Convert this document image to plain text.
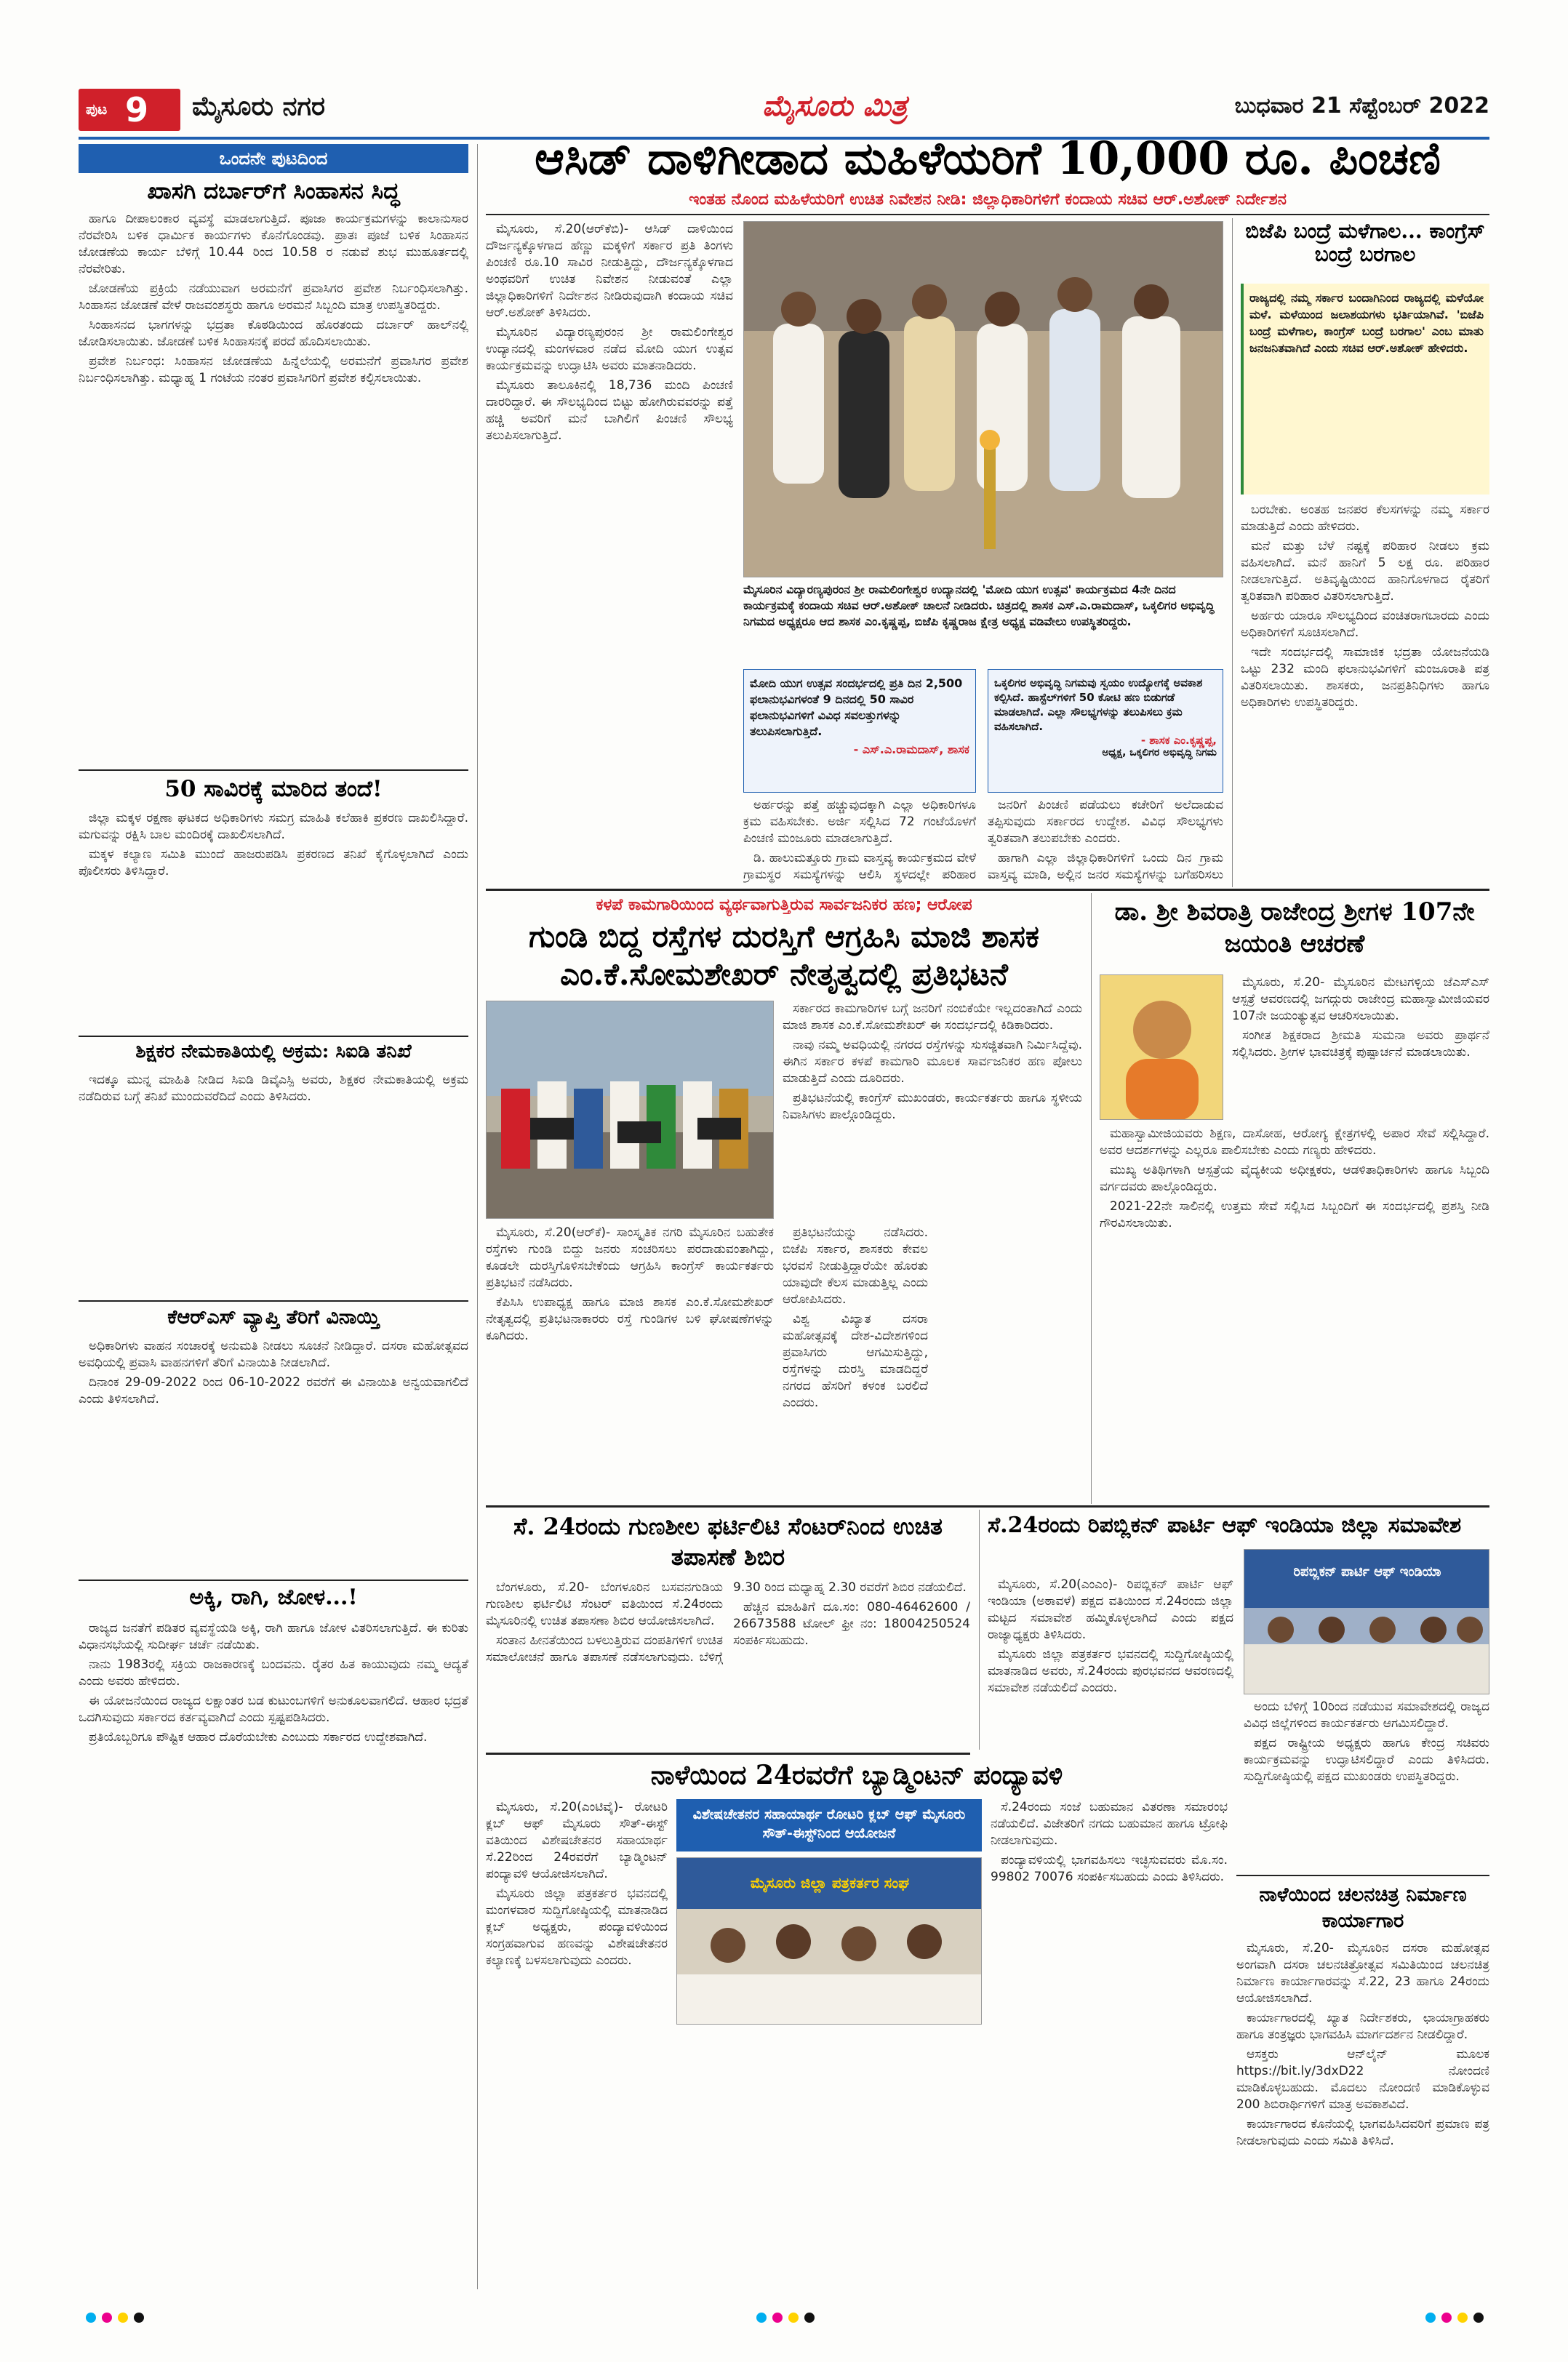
ಪುಟ 9 ಮೈಸೂರು ನಗರ	ಮೈಸೂರು ಮಿತ್ರ	ಬುಧವಾರ 21 ಸೆಪ್ಟೆಂಬರ್ 2022
ಒಂದನೇ ಪುಟದಿಂದ
ಖಾಸಗಿ ದರ್ಬಾರ್‌ಗೆ ಸಿಂಹಾಸನ ಸಿದ್ಧ

ಹಾಗೂ ದೀಪಾಲಂಕಾರ ವ್ಯವಸ್ಥೆ ಮಾಡಲಾಗುತ್ತಿದೆ. ಪೂಜಾ ಕಾರ್ಯಕ್ರಮಗಳನ್ನು ಕಾಲಾನುಸಾರ ನೆರವೇರಿಸಿ ಬಳಿಕ ಧಾರ್ಮಿಕ ಕಾರ್ಯಗಳು ಕೊನೆಗೊಂಡವು. ಪ್ರಾತಃ ಪೂಜೆ ಬಳಿಕ ಸಿಂಹಾಸನ ಜೋಡಣೆಯ ಕಾರ್ಯ ಬೆಳಿಗ್ಗೆ 10.44 ರಿಂದ 10.58 ರ ನಡುವೆ ಶುಭ ಮುಹೂರ್ತದಲ್ಲಿ ನೆರವೇರಿತು.

ಜೋಡಣೆಯ ಪ್ರಕ್ರಿಯೆ ನಡೆಯುವಾಗ ಅರಮನೆಗೆ ಪ್ರವಾಸಿಗರ ಪ್ರವೇಶ ನಿರ್ಬಂಧಿಸಲಾಗಿತ್ತು. ಸಿಂಹಾಸನ ಜೋಡಣೆ ವೇಳೆ ರಾಜವಂಶಸ್ಥರು ಹಾಗೂ ಅರಮನೆ ಸಿಬ್ಬಂದಿ ಮಾತ್ರ ಉಪಸ್ಥಿತರಿದ್ದರು.

ಸಿಂಹಾಸನದ ಭಾಗಗಳನ್ನು ಭದ್ರತಾ ಕೊಠಡಿಯಿಂದ ಹೊರತಂದು ದರ್ಬಾರ್ ಹಾಲ್‌ನಲ್ಲಿ ಜೋಡಿಸಲಾಯಿತು. ಜೋಡಣೆ ಬಳಿಕ ಸಿಂಹಾಸನಕ್ಕೆ ಪರದೆ ಹೊದಿಸಲಾಯಿತು.

ಪ್ರವೇಶ ನಿರ್ಬಂಧ: ಸಿಂಹಾಸನ ಜೋಡಣೆಯ ಹಿನ್ನೆಲೆಯಲ್ಲಿ ಅರಮನೆಗೆ ಪ್ರವಾಸಿಗರ ಪ್ರವೇಶ ನಿರ್ಬಂಧಿಸಲಾಗಿತ್ತು. ಮಧ್ಯಾಹ್ನ 1 ಗಂಟೆಯ ನಂತರ ಪ್ರವಾಸಿಗರಿಗೆ ಪ್ರವೇಶ ಕಲ್ಪಿಸಲಾಯಿತು.

50 ಸಾವಿರಕ್ಕೆ ಮಾರಿದ ತಂದೆ!

ಜಿಲ್ಲಾ ಮಕ್ಕಳ ರಕ್ಷಣಾ ಘಟಕದ ಅಧಿಕಾರಿಗಳು ಸಮಗ್ರ ಮಾಹಿತಿ ಕಲೆಹಾಕಿ ಪ್ರಕರಣ ದಾಖಲಿಸಿದ್ದಾರೆ. ಮಗುವನ್ನು ರಕ್ಷಿಸಿ ಬಾಲ ಮಂದಿರಕ್ಕೆ ದಾಖಲಿಸಲಾಗಿದೆ.

ಮಕ್ಕಳ ಕಲ್ಯಾಣ ಸಮಿತಿ ಮುಂದೆ ಹಾಜರುಪಡಿಸಿ ಪ್ರಕರಣದ ತನಿಖೆ ಕೈಗೊಳ್ಳಲಾಗಿದೆ ಎಂದು ಪೊಲೀಸರು ತಿಳಿಸಿದ್ದಾರೆ.

ಶಿಕ್ಷಕರ ನೇಮಕಾತಿಯಲ್ಲಿ ಅಕ್ರಮ: ಸಿಐಡಿ ತನಿಖೆ

ಇದಕ್ಕೂ ಮುನ್ನ ಮಾಹಿತಿ ನೀಡಿದ ಸಿಐಡಿ ಡಿವೈಎಸ್ಪಿ ಅವರು, ಶಿಕ್ಷಕರ ನೇಮಕಾತಿಯಲ್ಲಿ ಅಕ್ರಮ ನಡೆದಿರುವ ಬಗ್ಗೆ ತನಿಖೆ ಮುಂದುವರೆದಿದೆ ಎಂದು ತಿಳಿಸಿದರು.

ಕೆಆರ್‌ಎಸ್ ವ್ಯಾಪ್ತಿ ತೆರಿಗೆ ವಿನಾಯ್ತಿ

ಅಧಿಕಾರಿಗಳು ವಾಹನ ಸಂಚಾರಕ್ಕೆ ಅನುಮತಿ ನೀಡಲು ಸೂಚನೆ ನೀಡಿದ್ದಾರೆ. ದಸರಾ ಮಹೋತ್ಸವದ ಅವಧಿಯಲ್ಲಿ ಪ್ರವಾಸಿ ವಾಹನಗಳಿಗೆ ತೆರಿಗೆ ವಿನಾಯಿತಿ ನೀಡಲಾಗಿದೆ.

ದಿನಾಂಕ 29-09-2022 ರಿಂದ 06-10-2022 ರವರೆಗೆ ಈ ವಿನಾಯಿತಿ ಅನ್ವಯವಾಗಲಿದೆ ಎಂದು ತಿಳಿಸಲಾಗಿದೆ.

ಅಕ್ಕಿ, ರಾಗಿ, ಜೋಳ...!

ರಾಜ್ಯದ ಜನತೆಗೆ ಪಡಿತರ ವ್ಯವಸ್ಥೆಯಡಿ ಅಕ್ಕಿ, ರಾಗಿ ಹಾಗೂ ಜೋಳ ವಿತರಿಸಲಾಗುತ್ತಿದೆ. ಈ ಕುರಿತು ವಿಧಾನಸಭೆಯಲ್ಲಿ ಸುದೀರ್ಘ ಚರ್ಚೆ ನಡೆಯಿತು.

ನಾನು 1983ರಲ್ಲಿ ಸಕ್ರಿಯ ರಾಜಕಾರಣಕ್ಕೆ ಬಂದವನು. ರೈತರ ಹಿತ ಕಾಯುವುದು ನಮ್ಮ ಆದ್ಯತೆ ಎಂದು ಅವರು ಹೇಳಿದರು.

ಈ ಯೋಜನೆಯಿಂದ ರಾಜ್ಯದ ಲಕ್ಷಾಂತರ ಬಡ ಕುಟುಂಬಗಳಿಗೆ ಅನುಕೂಲವಾಗಲಿದೆ. ಆಹಾರ ಭದ್ರತೆ ಒದಗಿಸುವುದು ಸರ್ಕಾರದ ಕರ್ತವ್ಯವಾಗಿದೆ ಎಂದು ಸ್ಪಷ್ಟಪಡಿಸಿದರು.

ಪ್ರತಿಯೊಬ್ಬರಿಗೂ ಪೌಷ್ಟಿಕ ಆಹಾರ ದೊರೆಯಬೇಕು ಎಂಬುದು ಸರ್ಕಾರದ ಉದ್ದೇಶವಾಗಿದೆ.

ಆಸಿಡ್ ದಾಳಿಗೀಡಾದ ಮಹಿಳೆಯರಿಗೆ 10,000 ರೂ. ಪಿಂಚಣಿ
ಇಂತಹ ನೊಂದ ಮಹಿಳೆಯರಿಗೆ ಉಚಿತ ನಿವೇಶನ ನೀಡಿ: ಜಿಲ್ಲಾಧಿಕಾರಿಗಳಿಗೆ ಕಂದಾಯ ಸಚಿವ ಆರ್.ಅಶೋಕ್ ನಿರ್ದೇಶನ

ಮೈಸೂರು, ಸೆ.20(ಆರ್‌ಕೆಬಿ)- ಆಸಿಡ್ ದಾಳಿಯಿಂದ ದೌರ್ಜನ್ಯಕ್ಕೊಳಗಾದ ಹೆಣ್ಣು ಮಕ್ಕಳಿಗೆ ಸರ್ಕಾರ ಪ್ರತಿ ತಿಂಗಳು ಪಿಂಚಣಿ ರೂ.10 ಸಾವಿರ ನೀಡುತ್ತಿದ್ದು, ದೌರ್ಜನ್ಯಕ್ಕೊಳಗಾದ ಅಂಥವರಿಗೆ ಉಚಿತ ನಿವೇಶನ ನೀಡುವಂತೆ ಎಲ್ಲಾ ಜಿಲ್ಲಾಧಿಕಾರಿಗಳಿಗೆ ನಿರ್ದೇಶನ ನೀಡಿರುವುದಾಗಿ ಕಂದಾಯ ಸಚಿವ ಆರ್.ಅಶೋಕ್ ತಿಳಿಸಿದರು.

ಮೈಸೂರಿನ ವಿದ್ಯಾರಣ್ಯಪುರಂನ ಶ್ರೀ ರಾಮಲಿಂಗೇಶ್ವರ ಉದ್ಯಾನದಲ್ಲಿ ಮಂಗಳವಾರ ನಡೆದ ಮೋದಿ ಯುಗ ಉತ್ಸವ ಕಾರ್ಯಕ್ರಮವನ್ನು ಉದ್ಘಾಟಿಸಿ ಅವರು ಮಾತನಾಡಿದರು.

ಮೈಸೂರು ತಾಲೂಕಿನಲ್ಲಿ 18,736 ಮಂದಿ ಪಿಂಚಣಿ ದಾರರಿದ್ದಾರೆ. ಈ ಸೌಲಭ್ಯದಿಂದ ಬಿಟ್ಟು ಹೋಗಿರುವವರನ್ನು ಪತ್ತೆ ಹಚ್ಚಿ ಅವರಿಗೆ ಮನೆ ಬಾಗಿಲಿಗೆ ಪಿಂಚಣಿ ಸೌಲಭ್ಯ ತಲುಪಿಸಲಾಗುತ್ತಿದೆ.

ಮೈಸೂರಿನ ವಿದ್ಯಾರಣ್ಯಪುರಂನ ಶ್ರೀ ರಾಮಲಿಂಗೇಶ್ವರ ಉದ್ಯಾನದಲ್ಲಿ 'ಮೋದಿ ಯುಗ ಉತ್ಸವ' ಕಾರ್ಯಕ್ರಮದ 4ನೇ ದಿನದ ಕಾರ್ಯಕ್ರಮಕ್ಕೆ ಕಂದಾಯ ಸಚಿವ ಆರ್.ಅಶೋಕ್ ಚಾಲನೆ ನೀಡಿದರು. ಚಿತ್ರದಲ್ಲಿ ಶಾಸಕ ಎಸ್.ಎ.ರಾಮದಾಸ್, ಒಕ್ಕಲಿಗರ ಅಭಿವೃದ್ಧಿ ನಿಗಮದ ಅಧ್ಯಕ್ಷರೂ ಆದ ಶಾಸಕ ಎಂ.ಕೃಷ್ಣಪ್ಪ, ಬಿಜೆಪಿ ಕೃಷ್ಣರಾಜ ಕ್ಷೇತ್ರ ಅಧ್ಯಕ್ಷ ವಡಿವೇಲು ಉಪಸ್ಥಿತರಿದ್ದರು.
ಮೋದಿ ಯುಗ ಉತ್ಸವ ಸಂದರ್ಭದಲ್ಲಿ ಪ್ರತಿ ದಿನ 2,500 ಫಲಾನುಭವಿಗಳಂತೆ 9 ದಿನದಲ್ಲಿ 50 ಸಾವಿರ ಫಲಾನುಭವಿಗಳಿಗೆ ವಿವಿಧ ಸವಲತ್ತುಗಳನ್ನು ತಲುಪಿಸಲಾಗುತ್ತಿದೆ.
- ಎಸ್.ಎ.ರಾಮದಾಸ್, ಶಾಸಕ
ಒಕ್ಕಲಿಗರ ಅಭಿವೃದ್ಧಿ ನಿಗಮವು ಸ್ವಯಂ ಉದ್ಯೋಗಕ್ಕೆ ಅವಕಾಶ ಕಲ್ಪಿಸಿದೆ. ಹಾಸ್ಟೆಲ್‌ಗಳಿಗೆ 50 ಕೋಟಿ ಹಣ ಬಿಡುಗಡೆ ಮಾಡಲಾಗಿದೆ. ಎಲ್ಲಾ ಸೌಲಭ್ಯಗಳನ್ನು ತಲುಪಿಸಲು ಕ್ರಮ ವಹಿಸಲಾಗಿದೆ.
- ಶಾಸಕ ಎಂ.ಕೃಷ್ಣಪ್ಪ,
ಅಧ್ಯಕ್ಷ, ಒಕ್ಕಲಿಗರ ಅಭಿವೃದ್ಧಿ ನಿಗಮ

ಅರ್ಹರನ್ನು ಪತ್ತೆ ಹಚ್ಚುವುದಕ್ಕಾಗಿ ಎಲ್ಲಾ ಅಧಿಕಾರಿಗಳೂ ಕ್ರಮ ವಹಿಸಬೇಕು. ಅರ್ಜಿ ಸಲ್ಲಿಸಿದ 72 ಗಂಟೆಯೊಳಗೆ ಪಿಂಚಣಿ ಮಂಜೂರು ಮಾಡಲಾಗುತ್ತಿದೆ.

ಡಿ. ಹಾಲುಮತ್ತೂರು ಗ್ರಾಮ ವಾಸ್ತವ್ಯ ಕಾರ್ಯಕ್ರಮದ ವೇಳೆ ಗ್ರಾಮಸ್ಥರ ಸಮಸ್ಯೆಗಳನ್ನು ಆಲಿಸಿ ಸ್ಥಳದಲ್ಲೇ ಪರಿಹಾರ

ಜನರಿಗೆ ಪಿಂಚಣಿ ಪಡೆಯಲು ಕಚೇರಿಗೆ ಅಲೆದಾಡುವ ತಪ್ಪಿಸುವುದು ಸರ್ಕಾರದ ಉದ್ದೇಶ. ವಿವಿಧ ಸೌಲಭ್ಯಗಳು ತ್ವರಿತವಾಗಿ ತಲುಪಬೇಕು ಎಂದರು.

ಹಾಗಾಗಿ ಎಲ್ಲಾ ಜಿಲ್ಲಾಧಿಕಾರಿಗಳಿಗೆ ಒಂದು ದಿನ ಗ್ರಾಮ ವಾಸ್ತವ್ಯ ಮಾಡಿ, ಅಲ್ಲಿನ ಜನರ ಸಮಸ್ಯೆಗಳನ್ನು ಬಗೆಹರಿಸಲು

ಬಿಜೆಪಿ ಬಂದ್ರೆ ಮಳೆಗಾಲ... ಕಾಂಗ್ರೆಸ್ ಬಂದ್ರೆ ಬರಗಾಲ
ರಾಜ್ಯದಲ್ಲಿ ನಮ್ಮ ಸರ್ಕಾರ ಬಂದಾಗಿನಿಂದ ರಾಜ್ಯದಲ್ಲಿ ಮಳೆಯೋ ಮಳೆ. ಮಳೆಯಿಂದ ಜಲಾಶಯಗಳು ಭರ್ತಿಯಾಗಿವೆ. 'ಬಿಜೆಪಿ ಬಂದ್ರೆ ಮಳೆಗಾಲ, ಕಾಂಗ್ರೆಸ್ ಬಂದ್ರೆ ಬರಗಾಲ' ಎಂಬ ಮಾತು ಜನಜನಿತವಾಗಿದೆ ಎಂದು ಸಚಿವ ಆರ್.ಅಶೋಕ್ ಹೇಳಿದರು.

ಬರಬೇಕು. ಅಂತಹ ಜನಪರ ಕೆಲಸಗಳನ್ನು ನಮ್ಮ ಸರ್ಕಾರ ಮಾಡುತ್ತಿದೆ ಎಂದು ಹೇಳಿದರು.

ಮನೆ ಮತ್ತು ಬೆಳೆ ನಷ್ಟಕ್ಕೆ ಪರಿಹಾರ ನೀಡಲು ಕ್ರಮ ವಹಿಸಲಾಗಿದೆ. ಮನೆ ಹಾನಿಗೆ 5 ಲಕ್ಷ ರೂ. ಪರಿಹಾರ ನೀಡಲಾಗುತ್ತಿದೆ. ಅತಿವೃಷ್ಟಿಯಿಂದ ಹಾನಿಗೊಳಗಾದ ರೈತರಿಗೆ ತ್ವರಿತವಾಗಿ ಪರಿಹಾರ ವಿತರಿಸಲಾಗುತ್ತಿದೆ.

ಅರ್ಹರು ಯಾರೂ ಸೌಲಭ್ಯದಿಂದ ವಂಚಿತರಾಗಬಾರದು ಎಂದು ಅಧಿಕಾರಿಗಳಿಗೆ ಸೂಚಿಸಲಾಗಿದೆ.

ಇದೇ ಸಂದರ್ಭದಲ್ಲಿ ಸಾಮಾಜಿಕ ಭದ್ರತಾ ಯೋಜನೆಯಡಿ ಒಟ್ಟು 232 ಮಂದಿ ಫಲಾನುಭವಿಗಳಿಗೆ ಮಂಜೂರಾತಿ ಪತ್ರ ವಿತರಿಸಲಾಯಿತು. ಶಾಸಕರು, ಜನಪ್ರತಿನಿಧಿಗಳು ಹಾಗೂ ಅಧಿಕಾರಿಗಳು ಉಪಸ್ಥಿತರಿದ್ದರು.

ಕಳಪೆ ಕಾಮಗಾರಿಯಿಂದ ವ್ಯರ್ಥವಾಗುತ್ತಿರುವ ಸಾರ್ವಜನಿಕರ ಹಣ; ಆರೋಪ
ಗುಂಡಿ ಬಿದ್ದ ರಸ್ತೆಗಳ ದುರಸ್ತಿಗೆ ಆಗ್ರಹಿಸಿ ಮಾಜಿ ಶಾಸಕ ಎಂ.ಕೆ.ಸೋಮಶೇಖರ್ ನೇತೃತ್ವದಲ್ಲಿ ಪ್ರತಿಭಟನೆ

ಮೈಸೂರು, ಸೆ.20(ಆರ್‌ಕೆ)- ಸಾಂಸ್ಕೃತಿಕ ನಗರಿ ಮೈಸೂರಿನ ಬಹುತೇಕ ರಸ್ತೆಗಳು ಗುಂಡಿ ಬಿದ್ದು ಜನರು ಸಂಚರಿಸಲು ಪರದಾಡುವಂತಾಗಿದ್ದು, ಕೂಡಲೇ ದುರಸ್ತಿಗೊಳಿಸಬೇಕೆಂದು ಆಗ್ರಹಿಸಿ ಕಾಂಗ್ರೆಸ್ ಕಾರ್ಯಕರ್ತರು ಪ್ರತಿಭಟನೆ ನಡೆಸಿದರು.

ಕೆಪಿಸಿಸಿ ಉಪಾಧ್ಯಕ್ಷ ಹಾಗೂ ಮಾಜಿ ಶಾಸಕ ಎಂ.ಕೆ.ಸೋಮಶೇಖರ್ ನೇತೃತ್ವದಲ್ಲಿ ಪ್ರತಿಭಟನಾಕಾರರು ರಸ್ತೆ ಗುಂಡಿಗಳ ಬಳಿ ಘೋಷಣೆಗಳನ್ನು ಕೂಗಿದರು.

ಪ್ರತಿಭಟನೆಯನ್ನು ನಡೆಸಿದರು. ಬಿಜೆಪಿ ಸರ್ಕಾರ, ಶಾಸಕರು ಕೇವಲ ಭರವಸೆ ನೀಡುತ್ತಿದ್ದಾರೆಯೇ ಹೊರತು ಯಾವುದೇ ಕೆಲಸ ಮಾಡುತ್ತಿಲ್ಲ ಎಂದು ಆರೋಪಿಸಿದರು.

ವಿಶ್ವ ವಿಖ್ಯಾತ ದಸರಾ ಮಹೋತ್ಸವಕ್ಕೆ ದೇಶ-ವಿದೇಶಗಳಿಂದ ಪ್ರವಾಸಿಗರು ಆಗಮಿಸುತ್ತಿದ್ದು, ರಸ್ತೆಗಳನ್ನು ದುರಸ್ತಿ ಮಾಡದಿದ್ದರೆ ನಗರದ ಹೆಸರಿಗೆ ಕಳಂಕ ಬರಲಿದೆ ಎಂದರು.

ಸರ್ಕಾರದ ಕಾಮಗಾರಿಗಳ ಬಗ್ಗೆ ಜನರಿಗೆ ನಂಬಿಕೆಯೇ ಇಲ್ಲದಂತಾಗಿದೆ ಎಂದು ಮಾಜಿ ಶಾಸಕ ಎಂ.ಕೆ.ಸೋಮಶೇಖರ್ ಈ ಸಂದರ್ಭದಲ್ಲಿ ಕಿಡಿಕಾರಿದರು.

ನಾವು ನಮ್ಮ ಅವಧಿಯಲ್ಲಿ ನಗರದ ರಸ್ತೆಗಳನ್ನು ಸುಸಜ್ಜಿತವಾಗಿ ನಿರ್ಮಿಸಿದ್ದೆವು. ಈಗಿನ ಸರ್ಕಾರ ಕಳಪೆ ಕಾಮಗಾರಿ ಮೂಲಕ ಸಾರ್ವಜನಿಕರ ಹಣ ಪೋಲು ಮಾಡುತ್ತಿದೆ ಎಂದು ದೂರಿದರು.

ಪ್ರತಿಭಟನೆಯಲ್ಲಿ ಕಾಂಗ್ರೆಸ್ ಮುಖಂಡರು, ಕಾರ್ಯಕರ್ತರು ಹಾಗೂ ಸ್ಥಳೀಯ ನಿವಾಸಿಗಳು ಪಾಲ್ಗೊಂಡಿದ್ದರು.

ಡಾ. ಶ್ರೀ ಶಿವರಾತ್ರಿ ರಾಜೇಂದ್ರ ಶ್ರೀಗಳ 107ನೇ ಜಯಂತಿ ಆಚರಣೆ

ಮೈಸೂರು, ಸೆ.20- ಮೈಸೂರಿನ ಮೇಟಗಳ್ಳಿಯ ಜೆಎಸ್‌ಎಸ್ ಆಸ್ಪತ್ರೆ ಆವರಣದಲ್ಲಿ ಜಗದ್ಗುರು ರಾಜೇಂದ್ರ ಮಹಾಸ್ವಾಮೀಜಿಯವರ 107ನೇ ಜಯಂತ್ಯುತ್ಸವ ಆಚರಿಸಲಾಯಿತು.

ಸಂಗೀತ ಶಿಕ್ಷಕರಾದ ಶ್ರೀಮತಿ ಸುಮನಾ ಅವರು ಪ್ರಾರ್ಥನೆ ಸಲ್ಲಿಸಿದರು. ಶ್ರೀಗಳ ಭಾವಚಿತ್ರಕ್ಕೆ ಪುಷ್ಪಾರ್ಚನೆ ಮಾಡಲಾಯಿತು.

ಮಹಾಸ್ವಾಮೀಜಿಯವರು ಶಿಕ್ಷಣ, ದಾಸೋಹ, ಆರೋಗ್ಯ ಕ್ಷೇತ್ರಗಳಲ್ಲಿ ಅಪಾರ ಸೇವೆ ಸಲ್ಲಿಸಿದ್ದಾರೆ. ಅವರ ಆದರ್ಶಗಳನ್ನು ಎಲ್ಲರೂ ಪಾಲಿಸಬೇಕು ಎಂದು ಗಣ್ಯರು ಹೇಳಿದರು.

ಮುಖ್ಯ ಅತಿಥಿಗಳಾಗಿ ಆಸ್ಪತ್ರೆಯ ವೈದ್ಯಕೀಯ ಅಧೀಕ್ಷಕರು, ಆಡಳಿತಾಧಿಕಾರಿಗಳು ಹಾಗೂ ಸಿಬ್ಬಂದಿ ವರ್ಗದವರು ಪಾಲ್ಗೊಂಡಿದ್ದರು.

2021-22ನೇ ಸಾಲಿನಲ್ಲಿ ಉತ್ತಮ ಸೇವೆ ಸಲ್ಲಿಸಿದ ಸಿಬ್ಬಂದಿಗೆ ಈ ಸಂದರ್ಭದಲ್ಲಿ ಪ್ರಶಸ್ತಿ ನೀಡಿ ಗೌರವಿಸಲಾಯಿತು.

ಸೆ. 24ರಂದು ಗುಣಶೀಲ ಫರ್ಟಿಲಿಟಿ ಸೆಂಟರ್‌ನಿಂದ ಉಚಿತ ತಪಾಸಣೆ ಶಿಬಿರ

ಬೆಂಗಳೂರು, ಸೆ.20- ಬೆಂಗಳೂರಿನ ಬಸವನಗುಡಿಯ ಗುಣಶೀಲ ಫರ್ಟಿಲಿಟಿ ಸೆಂಟರ್ ವತಿಯಿಂದ ಸೆ.24ರಂದು ಮೈಸೂರಿನಲ್ಲಿ ಉಚಿತ ತಪಾಸಣಾ ಶಿಬಿರ ಆಯೋಜಿಸಲಾಗಿದೆ.

ಸಂತಾನ ಹೀನತೆಯಿಂದ ಬಳಲುತ್ತಿರುವ ದಂಪತಿಗಳಿಗೆ ಉಚಿತ ಸಮಾಲೋಚನೆ ಹಾಗೂ ತಪಾಸಣೆ ನಡೆಸಲಾಗುವುದು. ಬೆಳಿಗ್ಗೆ 9.30 ರಿಂದ ಮಧ್ಯಾಹ್ನ 2.30 ರವರೆಗೆ ಶಿಬಿರ ನಡೆಯಲಿದೆ.

ಹೆಚ್ಚಿನ ಮಾಹಿತಿಗೆ ದೂ.ಸಂ: 080-46462600 / 26673588 ಟೋಲ್ ಫ್ರೀ ನಂ: 18004250524 ಸಂಪರ್ಕಿಸಬಹುದು.

ಸೆ.24ರಂದು ರಿಪಬ್ಲಿಕನ್ ಪಾರ್ಟಿ ಆಫ್ ಇಂಡಿಯಾ ಜಿಲ್ಲಾ ಸಮಾವೇಶ

ಮೈಸೂರು, ಸೆ.20(ಎಂಎಂ)- ರಿಪಬ್ಲಿಕನ್ ಪಾರ್ಟಿ ಆಫ್ ಇಂಡಿಯಾ (ಅಠಾವಳೆ) ಪಕ್ಷದ ವತಿಯಿಂದ ಸೆ.24ರಂದು ಜಿಲ್ಲಾ ಮಟ್ಟದ ಸಮಾವೇಶ ಹಮ್ಮಿಕೊಳ್ಳಲಾಗಿದೆ ಎಂದು ಪಕ್ಷದ ರಾಜ್ಯಾಧ್ಯಕ್ಷರು ತಿಳಿಸಿದರು.

ಮೈಸೂರು ಜಿಲ್ಲಾ ಪತ್ರಕರ್ತರ ಭವನದಲ್ಲಿ ಸುದ್ದಿಗೋಷ್ಠಿಯಲ್ಲಿ ಮಾತನಾಡಿದ ಅವರು, ಸೆ.24ರಂದು ಪುರಭವನದ ಆವರಣದಲ್ಲಿ ಸಮಾವೇಶ ನಡೆಯಲಿದೆ ಎಂದರು.

ರಿಪಬ್ಲಿಕನ್ ಪಾರ್ಟಿ ಆಫ್ ಇಂಡಿಯಾ

ಅಂದು ಬೆಳಿಗ್ಗೆ 10ರಿಂದ ನಡೆಯುವ ಸಮಾವೇಶದಲ್ಲಿ ರಾಜ್ಯದ ವಿವಿಧ ಜಿಲ್ಲೆಗಳಿಂದ ಕಾರ್ಯಕರ್ತರು ಆಗಮಿಸಲಿದ್ದಾರೆ.

ಪಕ್ಷದ ರಾಷ್ಟ್ರೀಯ ಅಧ್ಯಕ್ಷರು ಹಾಗೂ ಕೇಂದ್ರ ಸಚಿವರು ಕಾರ್ಯಕ್ರಮವನ್ನು ಉದ್ಘಾಟಿಸಲಿದ್ದಾರೆ ಎಂದು ತಿಳಿಸಿದರು. ಸುದ್ದಿಗೋಷ್ಠಿಯಲ್ಲಿ ಪಕ್ಷದ ಮುಖಂಡರು ಉಪಸ್ಥಿತರಿದ್ದರು.

ನಾಳೆಯಿಂದ ಚಲನಚಿತ್ರ ನಿರ್ಮಾಣ ಕಾರ್ಯಾಗಾರ

ಮೈಸೂರು, ಸೆ.20- ಮೈಸೂರಿನ ದಸರಾ ಮಹೋತ್ಸವ ಅಂಗವಾಗಿ ದಸರಾ ಚಲನಚಿತ್ರೋತ್ಸವ ಸಮಿತಿಯಿಂದ ಚಲನಚಿತ್ರ ನಿರ್ಮಾಣ ಕಾರ್ಯಾಗಾರವನ್ನು ಸೆ.22, 23 ಹಾಗೂ 24ರಂದು ಆಯೋಜಿಸಲಾಗಿದೆ.

ಕಾರ್ಯಾಗಾರದಲ್ಲಿ ಖ್ಯಾತ ನಿರ್ದೇಶಕರು, ಛಾಯಾಗ್ರಾಹಕರು ಹಾಗೂ ತಂತ್ರಜ್ಞರು ಭಾಗವಹಿಸಿ ಮಾರ್ಗದರ್ಶನ ನೀಡಲಿದ್ದಾರೆ.

ಆಸಕ್ತರು ಆನ್‌ಲೈನ್ ಮೂಲಕ https://bit.ly/3dxD22 ನೋಂದಣಿ ಮಾಡಿಕೊಳ್ಳಬಹುದು. ಮೊದಲು ನೋಂದಣಿ ಮಾಡಿಕೊಳ್ಳುವ 200 ಶಿಬಿರಾರ್ಥಿಗಳಿಗೆ ಮಾತ್ರ ಅವಕಾಶವಿದೆ.

ಕಾರ್ಯಾಗಾರದ ಕೊನೆಯಲ್ಲಿ ಭಾಗವಹಿಸಿದವರಿಗೆ ಪ್ರಮಾಣ ಪತ್ರ ನೀಡಲಾಗುವುದು ಎಂದು ಸಮಿತಿ ತಿಳಿಸಿದೆ.

ನಾಳೆಯಿಂದ 24ರವರೆಗೆ ಬ್ಯಾಡ್ಮಿಂಟನ್ ಪಂದ್ಯಾವಳಿ

ಮೈಸೂರು, ಸೆ.20(ಎಂಟಿವೈ)- ರೋಟರಿ ಕ್ಲಬ್ ಆಫ್ ಮೈಸೂರು ಸೌತ್-ಈಸ್ಟ್ ವತಿಯಿಂದ ವಿಶೇಷಚೇತನರ ಸಹಾಯಾರ್ಥ ಸೆ.22ರಿಂದ 24ರವರೆಗೆ ಬ್ಯಾಡ್ಮಿಂಟನ್ ಪಂದ್ಯಾವಳಿ ಆಯೋಜಿಸಲಾಗಿದೆ.

ಮೈಸೂರು ಜಿಲ್ಲಾ ಪತ್ರಕರ್ತರ ಭವನದಲ್ಲಿ ಮಂಗಳವಾರ ಸುದ್ದಿಗೋಷ್ಠಿಯಲ್ಲಿ ಮಾತನಾಡಿದ ಕ್ಲಬ್ ಅಧ್ಯಕ್ಷರು, ಪಂದ್ಯಾವಳಿಯಿಂದ ಸಂಗ್ರಹವಾಗುವ ಹಣವನ್ನು ವಿಶೇಷಚೇತನರ ಕಲ್ಯಾಣಕ್ಕೆ ಬಳಸಲಾಗುವುದು ಎಂದರು.

ವಿಶೇಷಚೇತನರ ಸಹಾಯಾರ್ಥ ರೋಟರಿ ಕ್ಲಬ್ ಆಫ್ ಮೈಸೂರು ಸೌತ್-ಈಸ್ಟ್‌ನಿಂದ ಆಯೋಜನೆ
ಮೈಸೂರು ಜಿಲ್ಲಾ ಪತ್ರಕರ್ತರ ಸಂಘ

ಸೆ.24ರಂದು ಸಂಜೆ ಬಹುಮಾನ ವಿತರಣಾ ಸಮಾರಂಭ ನಡೆಯಲಿದೆ. ವಿಜೇತರಿಗೆ ನಗದು ಬಹುಮಾನ ಹಾಗೂ ಟ್ರೋಫಿ ನೀಡಲಾಗುವುದು.

ಪಂದ್ಯಾವಳಿಯಲ್ಲಿ ಭಾಗವಹಿಸಲು ಇಚ್ಛಿಸುವವರು ಮೊ.ಸಂ. 99802 70076 ಸಂಪರ್ಕಿಸಬಹುದು ಎಂದು ತಿಳಿಸಿದರು.
